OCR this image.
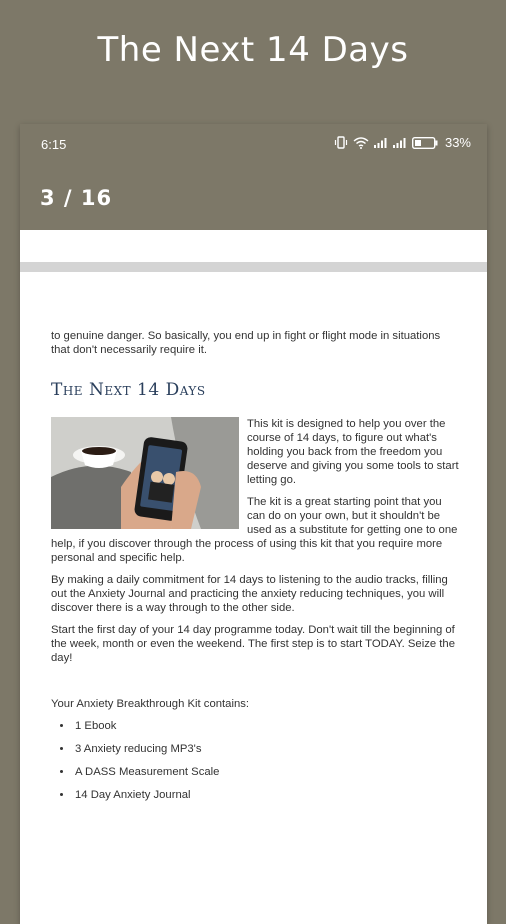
The Next 14 Days
6:15	33%
3 / 16

to genuine danger. So basically, you end up in fight or flight mode in situations that don't necessarily require it.

The Next 14 Days

This kit is designed to help you over the course of 14 days, to figure out what's holding you back from the freedom you deserve and giving you some tools to start letting go.

The kit is a great starting point that you can do on your own, but it shouldn't be used as a substitute for getting one to one help, if you discover through the process of using this kit that you require more personal and specific help.

By making a daily commitment for 14 days to listening to the audio tracks, filling out the Anxiety Journal and practicing the anxiety reducing techniques, you will discover there is a way through to the other side.

Start the first day of your 14 day programme today. Don't wait till the beginning of the week, month or even the weekend. The first step is to start TODAY. Seize the day!

Your Anxiety Breakthrough Kit contains:

• 1 Ebook
• 3 Anxiety reducing MP3's
• A DASS Measurement Scale
• 14 Day Anxiety Journal
